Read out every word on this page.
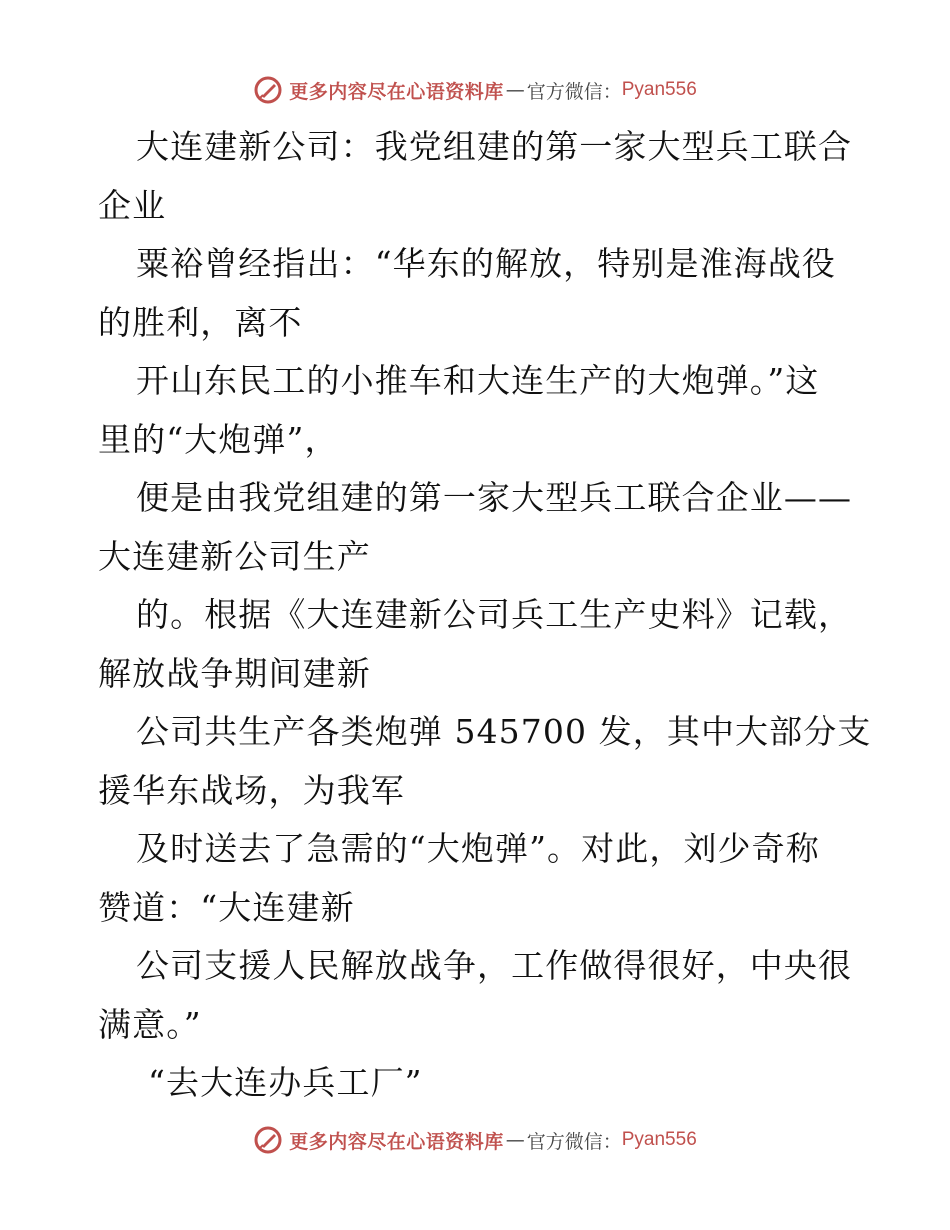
更多内容尽在心语资料库 — 官方微信： Pyan556
大连建新公司：我党组建的第一家大型兵工联合
企业
粟裕曾经指出：“华东的解放，特别是淮海战役
的胜利，离不
开山东民工的小推车和大连生产的大炮弹。”这
里的“大炮弹”，
便是由我党组建的第一家大型兵工联合企业——
大连建新公司生产
的。根据《大连建新公司兵工生产史料》记载，
解放战争期间建新
公司共生产各类炮弹 545700 发，其中大部分支
援华东战场，为我军
及时送去了急需的“大炮弹”。对此，刘少奇称
赞道：“大连建新
公司支援人民解放战争，工作做得很好，中央很
满意。”
“去大连办兵工厂”
更多内容尽在心语资料库 — 官方微信： Pyan556
